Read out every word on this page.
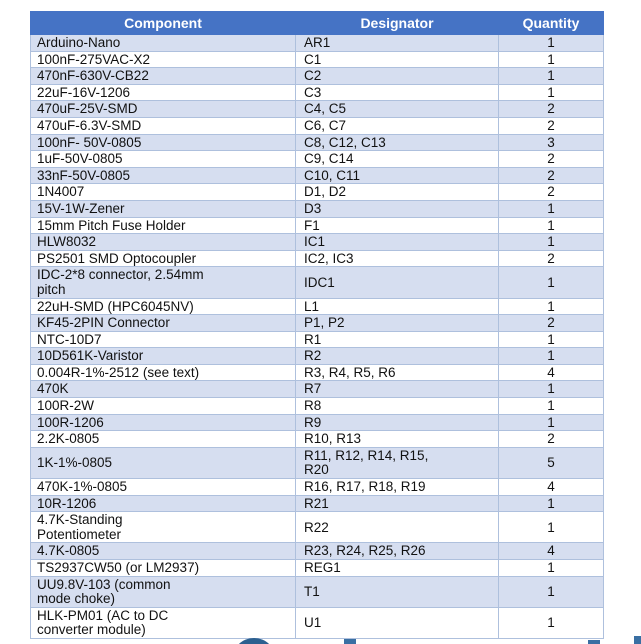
Component	Designator	Quantity

Arduino-Nano	AR1	1

100nF-275VAC-X2	C1	1

470nF-630V-CB22	C2	1

22uF-16V-1206	C3	1

470uF-25V-SMD	C4, C5	2

470uF-6.3V-SMD	C6, C7	2

100nF- 50V-0805	C8, C12, C13	3

1uF-50V-0805	C9, C14	2

33nF-50V-0805	C10, C11	2

1N4007	D1, D2	2

15V-1W-Zener	D3	1

15mm Pitch Fuse Holder	F1	1

HLW8032	IC1	1

PS2501 SMD Optocoupler	IC2, IC3	2

IDC-2*8 connector, 2.54mm pitch	IDC1	1

22uH-SMD (HPC6045NV)	L1	1

KF45-2PIN Connector	P1, P2	2

NTC-10D7	R1	1

10D561K-Varistor	R2	1

0.004R-1%-2512 (see text)	R3, R4, R5, R6	4

470K	R7	1

100R-2W	R8	1

100R-1206	R9	1

2.2K-0805	R10, R13	2

1K-1%-0805	R11, R12, R14, R15, R20	5

470K-1%-0805	R16, R17, R18, R19	4

10R-1206	R21	1

4.7K-Standing Potentiometer	R22	1

4.7K-0805	R23, R24, R25, R26	4

TS2937CW50 (or LM2937)	REG1	1

UU9.8V-103 (common mode choke)	T1	1

HLK-PM01 (AC to DC converter module)	U1	1
